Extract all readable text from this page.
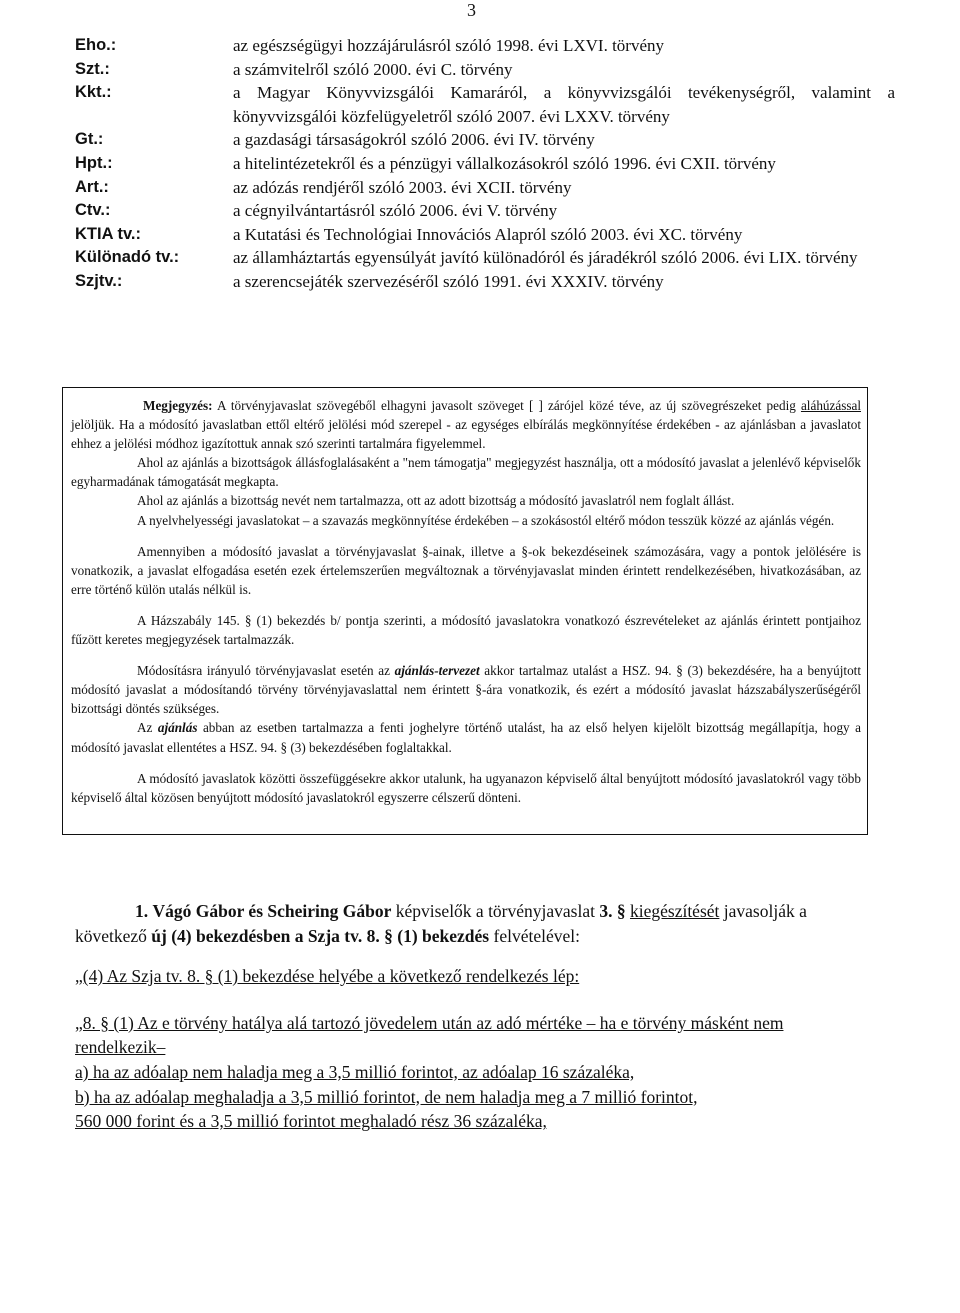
3
Eho.:	az egészségügyi hozzájárulásról szóló 1998. évi LXVI. törvény
Szt.:	a számvitelről szóló 2000. évi C. törvény
Kkt.:	a Magyar Könyvvizsgálói Kamaráról, a könyvvizsgálói tevékenységről, valamint a könyvvizsgálói közfelügyeletről szóló 2007. évi LXXV. törvény
Gt.:	a gazdasági társaságokról szóló 2006. évi IV. törvény
Hpt.:	a hitelintézetekről és a pénzügyi vállalkozásokról szóló 1996. évi CXII. törvény
Art.:	az adózás rendjéről szóló 2003. évi XCII. törvény
Ctv.:	a cégnyilvántartásról szóló 2006. évi V. törvény
KTIA tv.:	a Kutatási és Technológiai Innovációs Alapról szóló 2003. évi XC. törvény
Különadó tv.:	az államháztartás egyensúlyát javító különadóról és járadékról szóló 2006. évi LIX. törvény
Szjtv.:	a szerencsejáték szervezéséről szóló 1991. évi XXXIV. törvény

Megjegyzés: A törvényjavaslat szövegéből elhagyni javasolt szöveget [ ] zárójel közé téve, az új szövegrészeket pedig aláhúzással jelöljük. Ha a módosító javaslatban ettől eltérő jelölési mód szerepel - az egységes elbírálás megkönnyítése érdekében - az ajánlásban a javaslatot ehhez a jelölési módhoz igazítottuk annak szó szerinti tartalmára figyelemmel.

Ahol az ajánlás a bizottságok állásfoglalásaként a "nem támogatja" megjegyzést használja, ott a módosító javaslat a jelenlévő képviselők egyharmadának támogatását megkapta.

Ahol az ajánlás a bizottság nevét nem tartalmazza, ott az adott bizottság a módosító javaslatról nem foglalt állást.

A nyelvhelyességi javaslatokat – a szavazás megkönnyítése érdekében – a szokásostól eltérő módon tesszük közzé az ajánlás végén.

Amennyiben a módosító javaslat a törvényjavaslat §-ainak, illetve a §-ok bekezdéseinek számozására, vagy a pontok jelölésére is vonatkozik, a javaslat elfogadása esetén ezek értelemszerűen megváltoznak a törvényjavaslat minden érintett rendelkezésében, hivatkozásában, az erre történő külön utalás nélkül is.

A Házszabály 145. § (1) bekezdés b/ pontja szerinti, a módosító javaslatokra vonatkozó észrevételeket az ajánlás érintett pontjaihoz fűzött keretes megjegyzések tartalmazzák.

Módosításra irányuló törvényjavaslat esetén az ajánlás-tervezet akkor tartalmaz utalást a HSZ. 94. § (3) bekezdésére, ha a benyújtott módosító javaslat a módosítandó törvény törvényjavaslattal nem érintett §-ára vonatkozik, és ezért a módosító javaslat házszabályszerűségéről bizottsági döntés szükséges.

Az ajánlás abban az esetben tartalmazza a fenti joghelyre történő utalást, ha az első helyen kijelölt bizottság megállapítja, hogy a módosító javaslat ellentétes a HSZ. 94. § (3) bekezdésében foglaltakkal.

A módosító javaslatok közötti összefüggésekre akkor utalunk, ha ugyanazon képviselő által benyújtott módosító javaslatokról vagy több képviselő által közösen benyújtott módosító javaslatokról egyszerre célszerű dönteni.

1. Vágó Gábor és Scheiring Gábor képviselők a törvényjavaslat 3. § kiegészítését javasolják a következő új (4) bekezdésben a Szja tv. 8. § (1) bekezdés felvételével:

„(4) Az Szja tv. 8. § (1) bekezdése helyébe a következő rendelkezés lép:

„8. § (1) Az e törvény hatálya alá tartozó jövedelem után az adó mértéke – ha e törvény másként nem rendelkezik–

a) ha az adóalap nem haladja meg a 3,5 millió forintot, az adóalap 16 százaléka,

b) ha az adóalap meghaladja a 3,5 millió forintot, de nem haladja meg a 7 millió forintot,

560 000 forint és a 3,5 millió forintot meghaladó rész 36 százaléka,
